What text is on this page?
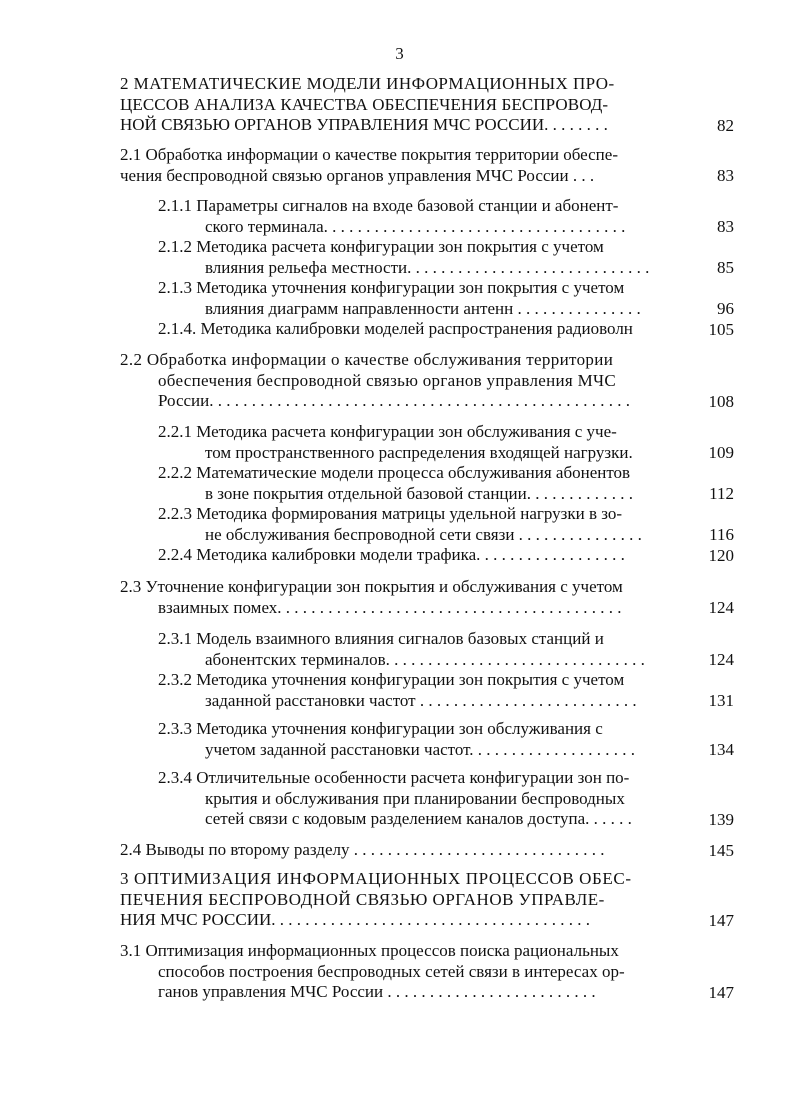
3
2 МАТЕМАТИЧЕСКИЕ МОДЕЛИ ИНФОРМАЦИОННЫХ ПРО-
ЦЕССОВ АНАЛИЗА КАЧЕСТВА ОБЕСПЕЧЕНИЯ БЕСПРОВОД-
НОЙ СВЯЗЬЮ ОРГАНОВ УПРАВЛЕНИЯ МЧС РОССИИ. . . . . . . .	82
2.1 Обработка информации о качестве покрытия территории обеспе-
чения беспроводной связью органов управления МЧС России . . .	83
2.1.1 Параметры сигналов на входе базовой станции и абонент-
ского терминала. . . . . . . . . . . . . . . . . . . . . . . . . . . . . . . . . . . .	83
2.1.2 Методика расчета конфигурации зон покрытия с учетом
влияния рельефа местности. . . . . . . . . . . . . . . . . . . . . . . . . . . . .	85
2.1.3 Методика уточнения конфигурации зон покрытия с учетом
влияния диаграмм направленности антенн . . . . . . . . . . . . . . .	96
2.1.4. Методика калибровки моделей распространения радиоволн	105
2.2 Обработка информации о качестве обслуживания территории
обеспечения беспроводной связью органов управления МЧС
России. . . . . . . . . . . . . . . . . . . . . . . . . . . . . . . . . . . . . . . . . . . . . . . . . .	108
2.2.1 Методика расчета конфигурации зон обслуживания с уче-
том пространственного распределения входящей нагрузки.	109
2.2.2 Математические модели процесса обслуживания абонентов
в зоне покрытия отдельной базовой станции. . . . . . . . . . . . .	112
2.2.3 Методика формирования матрицы удельной нагрузки в зо-
не обслуживания беспроводной сети связи . . . . . . . . . . . . . . .	116
2.2.4 Методика калибровки модели трафика. . . . . . . . . . . . . . . . . .	120
2.3 Уточнение конфигурации зон покрытия и обслуживания с учетом
взаимных помех. . . . . . . . . . . . . . . . . . . . . . . . . . . . . . . . . . . . . . . . .	124
2.3.1 Модель взаимного влияния сигналов базовых станций и
абонентских терминалов. . . . . . . . . . . . . . . . . . . . . . . . . . . . . . .	124
2.3.2 Методика уточнения конфигурации зон покрытия с учетом
заданной расстановки частот . . . . . . . . . . . . . . . . . . . . . . . . . .	131
2.3.3 Методика уточнения конфигурации зон обслуживания с
учетом заданной расстановки частот. . . . . . . . . . . . . . . . . . . .	134
2.3.4 Отличительные особенности расчета конфигурации зон по-
крытия и обслуживания при планировании беспроводных
сетей связи с кодовым разделением каналов доступа. . . . . .	139
2.4 Выводы по второму разделу . . . . . . . . . . . . . . . . . . . . . . . . . . . . . .	145
3 ОПТИМИЗАЦИЯ ИНФОРМАЦИОННЫХ ПРОЦЕССОВ ОБЕС-
ПЕЧЕНИЯ БЕСПРОВОДНОЙ СВЯЗЬЮ ОРГАНОВ УПРАВЛЕ-
НИЯ МЧС РОССИИ. . . . . . . . . . . . . . . . . . . . . . . . . . . . . . . . . . . . . .	147
3.1 Оптимизация информационных процессов поиска рациональных
способов построения беспроводных сетей связи в интересах ор-
ганов управления МЧС России . . . . . . . . . . . . . . . . . . . . . . . . .	147
